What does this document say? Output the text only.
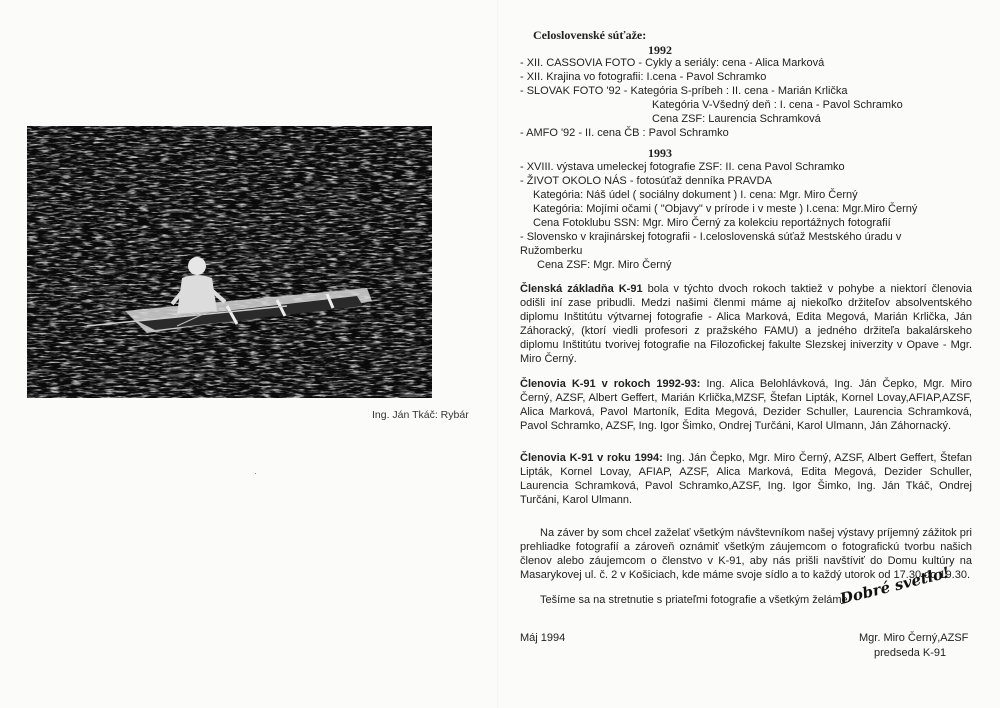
Ing. Ján Tkáč: Rybár
·
Celoslovenské súťaže:
1992
- XII. CASSOVIA FOTO - Cykly a seriály: cena - Alica Marková
- XII. Krajina vo fotografii: I.cena - Pavol Schramko
- SLOVAK FOTO '92 - Kategória S-príbeh : II. cena - Marián Krlička
Kategória V-Všedný deň : I. cena - Pavol Schramko
Cena ZSF: Laurencia Schramková
- AMFO '92 - II. cena ČB : Pavol Schramko
1993
- XVIII. výstava umeleckej fotografie ZSF: II. cena Pavol Schramko
- ŽIVOT OKOLO NÁS - fotosúťaž denníka PRAVDA
Kategória: Náš údel ( sociálny dokument ) I. cena: Mgr. Miro Černý
Kategória: Mojími očami ( "Objavy" v prírode i v meste ) I.cena: Mgr.Miro Černý
Cena Fotoklubu SSN: Mgr. Miro Černý za kolekciu reportážnych fotografií
- Slovensko v krajinárskej fotografii - I.celoslovenská súťaž Mestského úradu v
Ružomberku
Cena ZSF: Mgr. Miro Černý
Členská základňa K-91 bola v týchto dvoch rokoch taktiež v pohybe a niektorí členovia odišli iní zase pribudli. Medzi našimi členmi máme aj niekoľko držiteľov absolventského diplomu Inštitútu výtvarnej fotografie - Alica Marková, Edita Megová, Marián Krlička, Ján Záhoracký, (ktorí viedli profesori z pražského FAMU) a jedného držiteľa bakalárskeho diplomu Inštitútu tvorivej fotografie na Filozofickej fakulte Slezskej iniverzity v Opave - Mgr. Miro Černý.
Členovia K-91 v rokoch 1992-93: Ing. Alica Belohlávková, Ing. Ján Čepko, Mgr. Miro Černý, AZSF, Albert Geffert, Marián Krlička,MZSF, Štefan Lipták, Kornel Lovay,AFIAP,AZSF, Alica Marková, Pavol Martoník, Edita Megová, Dezider Schuller, Laurencia Schramková, Pavol Schramko, AZSF, Ing. Igor Šimko, Ondrej Turčáni, Karol Ulmann, Ján Záhornacký.
Členovia K-91 v roku 1994: Ing. Ján Čepko, Mgr. Miro Černý, AZSF, Albert Geffert, Štefan Lipták, Kornel Lovay, AFIAP, AZSF, Alica Marková, Edita Megová, Dezider Schuller, Laurencia Schramková, Pavol Schramko,AZSF, Ing. Igor Šimko, Ing. Ján Tkáč, Ondrej Turčáni, Karol Ulmann.
Na záver by som chcel zaželať všetkým návštevníkom našej výstavy príjemný zážitok pri prehliadke fotografií a zároveň oznámiť všetkým záujemcom o fotografickú tvorbu našich členov alebo záujemcom o členstvo v K-91, aby nás prišli navštíviť do Domu kultúry na Masarykovej ul. č. 2 v Košiciach, kde máme svoje sídlo a to každý utorok od 17.30 do 19.30.
Tešíme sa na stretnutie s priateľmi fotografie a všetkým želáme
Dobré svetlo!
Máj 1994	Mgr. Miro Černý,AZSF
predseda K-91
